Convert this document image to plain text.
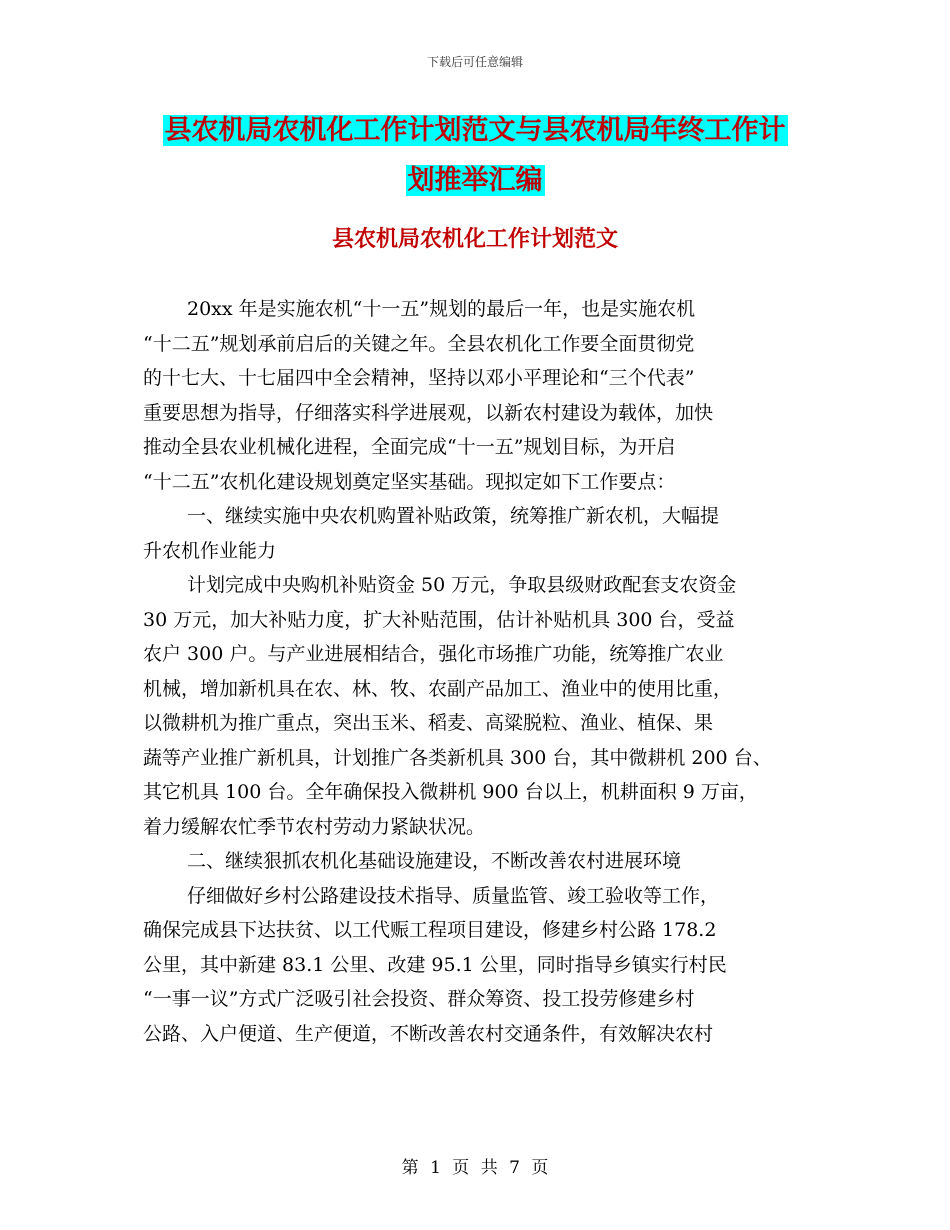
下载后可任意编辑
县农机局农机化工作计划范文与县农机局年终工作计
划推举汇编
县农机局农机化工作计划范文
20xx 年是实施农机“十一五”规划的最后一年，也是实施农机
“十二五”规划承前启后的关键之年。全县农机化工作要全面贯彻党
的十七大、十七届四中全会精神，坚持以邓小平理论和“三个代表”
重要思想为指导，仔细落实科学进展观，以新农村建设为载体，加快
推动全县农业机械化进程，全面完成“十一五”规划目标，为开启
“十二五”农机化建设规划奠定坚实基础。现拟定如下工作要点：
一、继续实施中央农机购置补贴政策，统筹推广新农机，大幅提
升农机作业能力
计划完成中央购机补贴资金 50 万元，争取县级财政配套支农资金
30 万元，加大补贴力度，扩大补贴范围，估计补贴机具 300 台，受益
农户 300 户。与产业进展相结合，强化市场推广功能，统筹推广农业
机械，增加新机具在农、林、牧、农副产品加工、渔业中的使用比重，
以微耕机为推广重点，突出玉米、稻麦、高粱脱粒、渔业、植保、果
蔬等产业推广新机具，计划推广各类新机具 300 台，其中微耕机 200 台、
其它机具 100 台。全年确保投入微耕机 900 台以上，机耕面积 9 万亩，
着力缓解农忙季节农村劳动力紧缺状况。
二、继续狠抓农机化基础设施建设，不断改善农村进展环境
仔细做好乡村公路建设技术指导、质量监管、竣工验收等工作，
确保完成县下达扶贫、以工代赈工程项目建设，修建乡村公路 178.2
公里，其中新建 83.1 公里、改建 95.1 公里，同时指导乡镇实行村民
“一事一议”方式广泛吸引社会投资、群众筹资、投工投劳修建乡村
公路、入户便道、生产便道，不断改善农村交通条件，有效解决农村
第 1 页 共 7 页
